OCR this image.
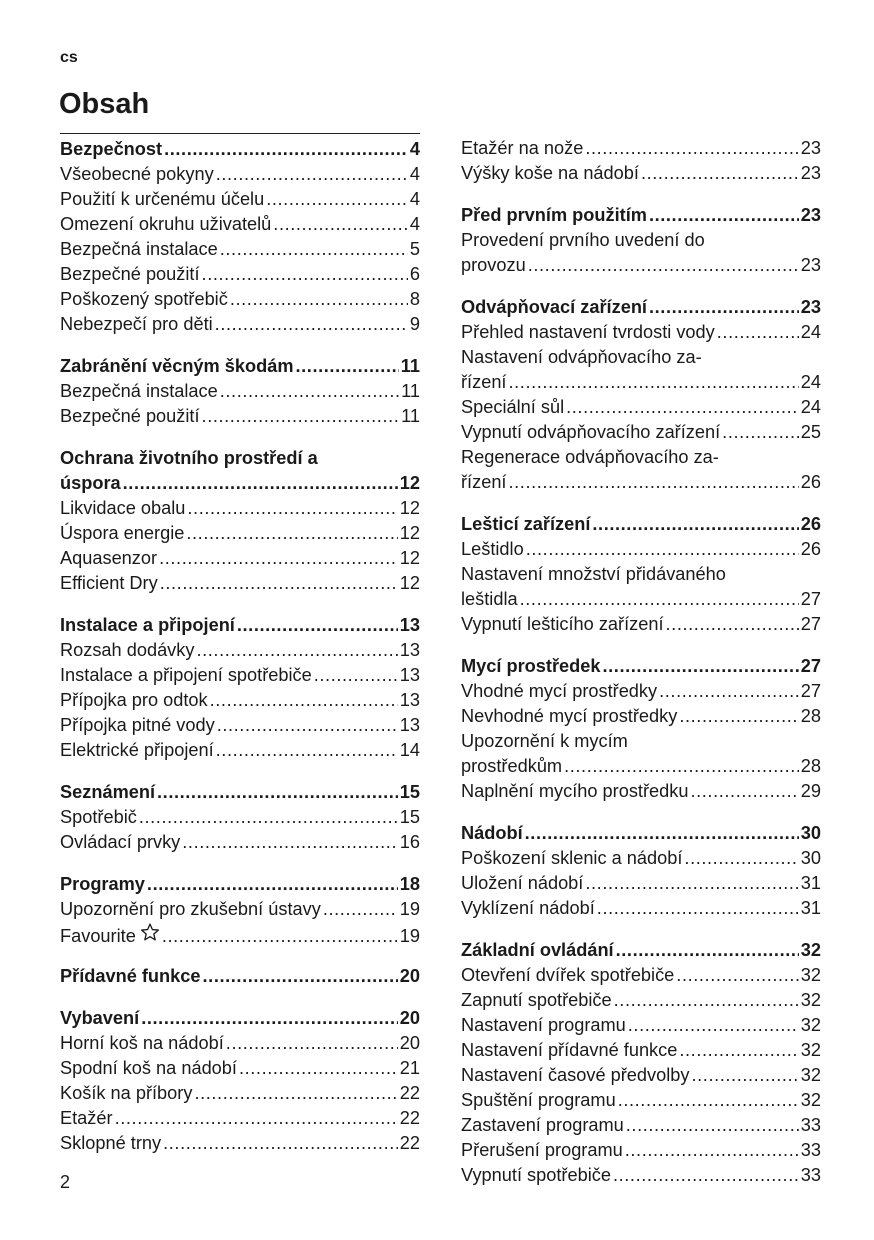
cs
Obsah
Bezpečnost .....	4
Všeobecné pokyny .....	4
Použití k určenému účelu .....	4
Omezení okruhu uživatelů .....	4
Bezpečná instalace .....	5
Bezpečné použití .....	6
Poškozený spotřebič .....	8
Nebezpečí pro děti .....	9
Zabránění věcným škodám .....	11
Bezpečná instalace .....	11
Bezpečné použití .....	11
Ochrana životního prostředí a
úspora .....	12
Likvidace obalu .....	12
Úspora energie .....	12
Aquasenzor .....	12
Efficient Dry .....	12
Instalace a připojení .....	13
Rozsah dodávky .....	13
Instalace a připojení spotřebiče .....	13
Přípojka pro odtok .....	13
Přípojka pitné vody .....	13
Elektrické připojení .....	14
Seznámení .....	15
Spotřebič .....	15
Ovládací prvky .....	16
Programy .....	18
Upozornění pro zkušební ústavy .....	19
Favourite .....	19
Přídavné funkce .....	20
Vybavení .....	20
Horní koš na nádobí .....	20
Spodní koš na nádobí .....	21
Košík na příbory .....	22
Etažér .....	22
Sklopné trny .....	22
Etažér na nože .....	23
Výšky koše na nádobí .....	23
Před prvním použitím .....	23
Provedení prvního uvedení do
provozu .....	23
Odvápňovací zařízení .....	23
Přehled nastavení tvrdosti vody .....	24
Nastavení odvápňovacího za-
řízení .....	24
Speciální sůl .....	24
Vypnutí odvápňovacího zařízení .....	25
Regenerace odvápňovacího za-
řízení .....	26
Lešticí zařízení .....	26
Leštidlo .....	26
Nastavení množství přidávaného
leštidla .....	27
Vypnutí lešticího zařízení .....	27
Mycí prostředek .....	27
Vhodné mycí prostředky .....	27
Nevhodné mycí prostředky .....	28
Upozornění k mycím
prostředkům .....	28
Naplnění mycího prostředku .....	29
Nádobí .....	30
Poškození sklenic a nádobí .....	30
Uložení nádobí .....	31
Vyklízení nádobí .....	31
Základní ovládání .....	32
Otevření dvířek spotřebiče .....	32
Zapnutí spotřebiče .....	32
Nastavení programu .....	32
Nastavení přídavné funkce .....	32
Nastavení časové předvolby .....	32
Spuštění programu .....	32
Zastavení programu .....	33
Přerušení programu .....	33
Vypnutí spotřebiče .....	33
2
